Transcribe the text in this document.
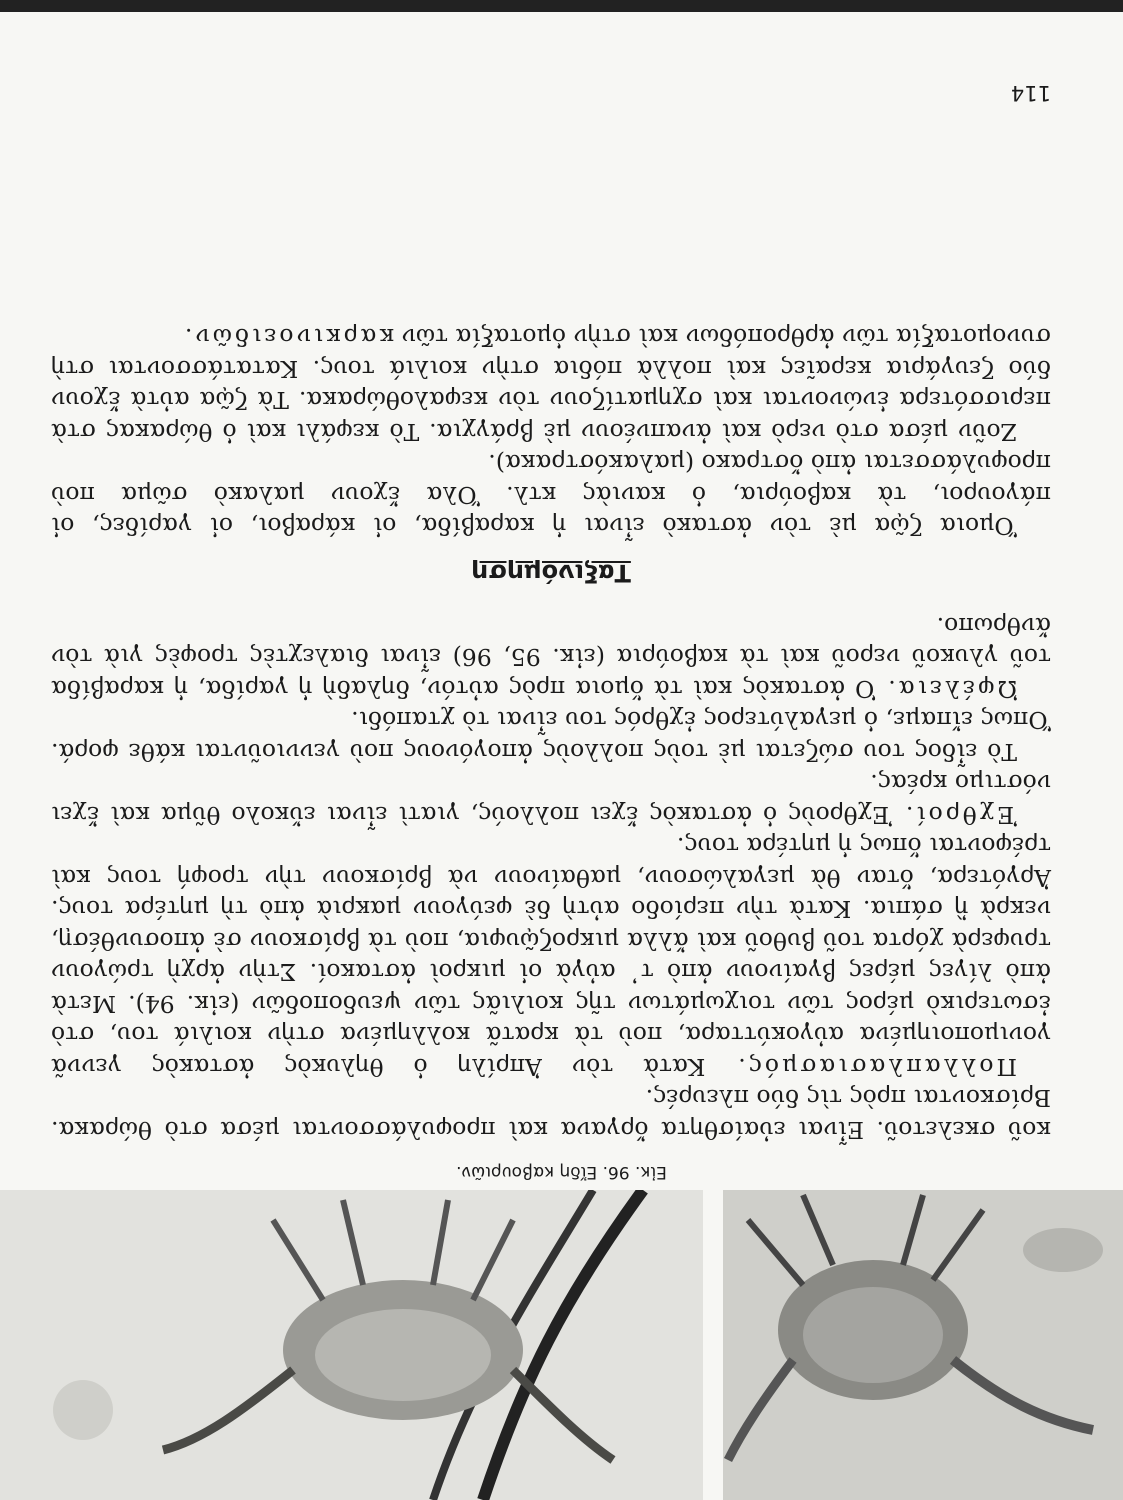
Εἰκ. 96. Εἴδη καβουριῶν.

κοῦ σκελετοῦ. Εἶναι εὐαίσθητα ὄργανα καὶ προφυλάσσονται μέσα στὸ θώρακα. Βρίσκονται πρὸς τὶς δύο πλευρές.

Πολλαπλασιασμός. Κατὰ τὸν Ἀπρίλη ὁ θηλυκὸς ἀστακὸς γεννᾶ γονιμοποιημένα αὐγοκύτταρα, ποὺ τὰ κρατᾶ κολλημένα στὴν κοιλιά του, στὸ ἐσωτερικὸ μέρος τῶν τοιχωμάτων τῆς κοιλιᾶς τῶν ψευδοποδῶν (εἰκ. 94). Μετὰ ἀπὸ λίγες μέρες βγαίνουν ἀπὸ τ᾽ αὐγὰ οἱ μικροὶ ἀστακοί. Στὴν ἀρχὴ τρώγουν τρυφερὰ χόρτα τοῦ βυθοῦ καὶ ἄλλα μικροζῷυφια, ποὺ τὰ βρίσκουν σὲ ἀποσυνθέσῃ, νεκρὰ ἢ σάπια. Κατὰ τὴν περίοδο αὐτὴ δὲ φεύγουν μακριὰ ἀπὸ τὴ μητέρα τους. Ἀργότερα, ὅταν θὰ μεγαλώσουν, μαθαίνουν νὰ βρίσκουν τὴν τροφή τους καὶ τρέφονται ὅπως ἡ μητέρα τους.

Ἐχθροί. Ἐχθροὺς ὁ ἀστακὸς ἔχει πολλούς, γιατὶ εἶναι εὔκολο θῦμα καὶ ἔχει νόστιμο κρέας.

Τὸ εἶδος του σώζεται μὲ τοὺς πολλοὺς ἀπογόνους ποὺ γεννιοῦνται κάθε φορά. Ὅπως εἴπαμε, ὁ μεγαλύτερος ἐχθρός του εἶναι τὸ χταπόδι.

Ὠφέλεια. Ὁ ἀστακὸς καὶ τὰ ὅμοια πρὸς αὐτόν, δηλαδὴ ἡ γαρίδα, ἡ καραβίδα τοῦ γλυκοῦ νεροῦ καὶ τὰ καβούρια (εἰκ. 95, 96) εἶναι διαλεχτὲς τροφὲς γιὰ τὸν ἄνθρωπο.

Ταξινόμηση

Ὅμοια ζῷα μὲ τὸν ἀστακὸ εἶναι ἡ καραβίδα, οἱ κάραβοι, οἱ γαρίδες, οἱ πάγουροι, τὰ καβούρια, ὁ κανιὰς κτλ. Ὅλα ἔχουν μαλακὸ σῶμα ποὺ προφυλάσσεται ἀπὸ ὄστρακο (μαλακόστρακα).

Ζοῦν μέσα στὸ νερὸ καὶ ἀναπνέουν μὲ βράγχια. Τὸ κεφάλι καὶ ὁ θώρακας στὰ περισσότερα ἑνώνονται καὶ σχηματίζουν τὸν κεφαλοθώρακα. Τὰ ζῷα αὐτὰ ἔχουν δύο ζευγάρια κεραῖες καὶ πολλὰ πόδια στὴν κοιλιά τους. Κατατάσσονται στὴ συνομοταξία τῶν ἀρθροπόδων καὶ στὴν ὁμοταξία τῶν καρκινοειδῶν.

114
